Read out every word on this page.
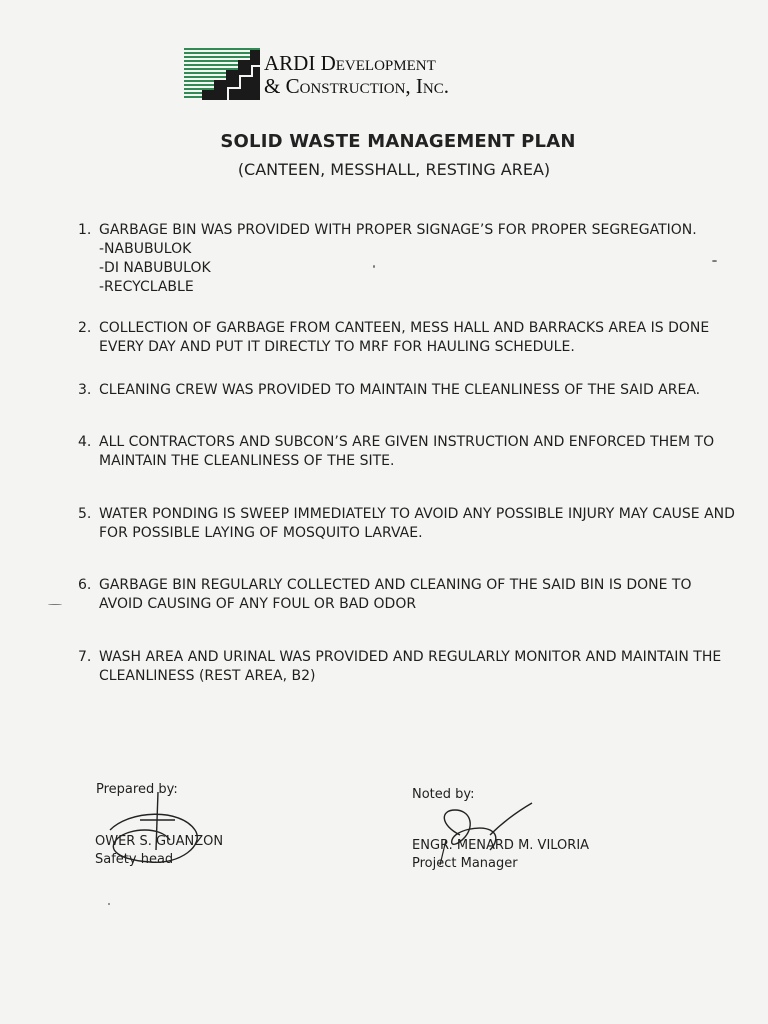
ARDI Development
& Construction, Inc.
SOLID WASTE MANAGEMENT PLAN
(CANTEEN, MESSHALL, RESTING AREA)
1. GARBAGE BIN WAS PROVIDED WITH PROPER SIGNAGE’S FOR PROPER SEGREGATION.
-NABUBULOK
-DI NABUBULOK
-RECYCLABLE
2. COLLECTION OF GARBAGE FROM CANTEEN, MESS HALL AND BARRACKS AREA IS DONE EVERY DAY AND PUT IT DIRECTLY TO MRF FOR HAULING SCHEDULE.
3. CLEANING CREW WAS PROVIDED TO MAINTAIN THE CLEANLINESS OF THE SAID AREA.
4. ALL CONTRACTORS AND SUBCON’S ARE GIVEN INSTRUCTION AND ENFORCED THEM TO MAINTAIN THE CLEANLINESS OF THE SITE.
5. WATER PONDING IS SWEEP IMMEDIATELY TO AVOID ANY POSSIBLE INJURY MAY CAUSE AND FOR POSSIBLE LAYING OF MOSQUITO LARVAE.
6. GARBAGE BIN REGULARLY COLLECTED AND CLEANING OF THE SAID BIN IS DONE TO AVOID CAUSING OF ANY FOUL OR BAD ODOR
7. WASH AREA AND URINAL WAS PROVIDED AND REGULARLY MONITOR AND MAINTAIN THE CLEANLINESS (REST AREA, B2)
Prepared by:
OWER S. GUANZON
Safety head
Noted by:
ENGR. MENARD M. VILORIA
Project Manager
